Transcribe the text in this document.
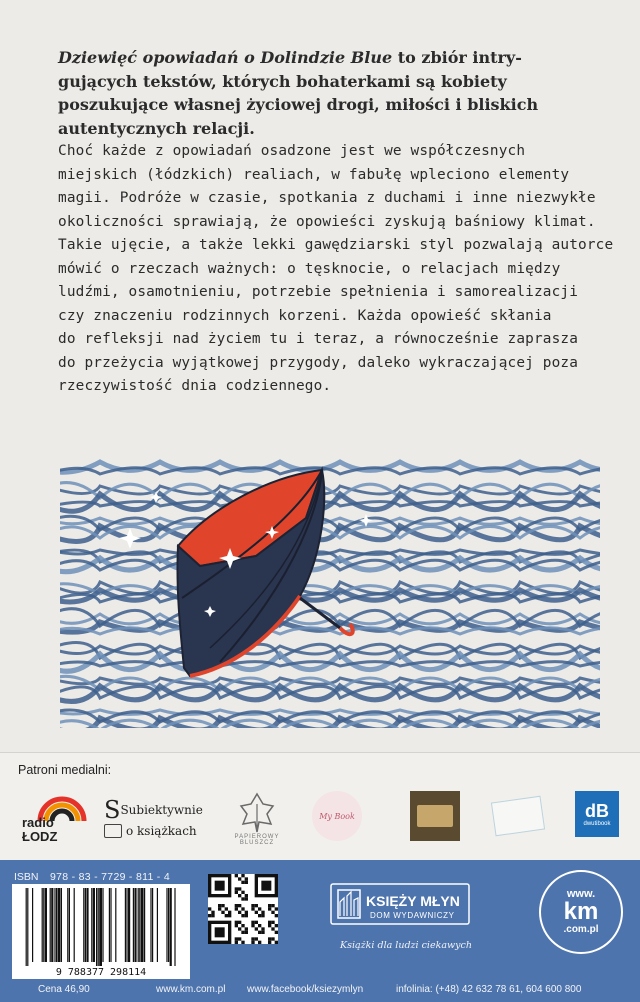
Dziewięć opowiadań o Dolindzie Blue to zbiór intry-
gujących tekstów, których bohaterkami są kobiety
poszukujące własnej życiowej drogi, miłości i bliskich
autentycznych relacji.

Choć każde z opowiadań osadzone jest we współczesnych
miejskich (łódzkich) realiach, w fabułę wpleciono elementy
magii. Podróże w czasie, spotkania z duchami i inne niezwykłe
okoliczności sprawiają, że opowieści zyskują baśniowy klimat.
Takie ujęcie, a także lekki gawędziarski styl pozwalają autorce
mówić o rzeczach ważnych: o tęsknocie, o relacjach między
ludźmi, osamotnieniu, potrzebie spełnienia i samorealizacji
czy znaczeniu rodzinnych korzeni. Każda opowieść skłania
do refleksji nad życiem tu i teraz, a równocześnie zaprasza
do przeżycia wyjątkowej przygody, daleko wykraczającej poza
rzeczywistość dnia codziennego.

Patroni medialni:
radio
ŁODZ
S Subiektywnie
o książkach	PAPIEROWY
BLUSZCZ
My Book	dB
dwutibook
ISBN 978 - 83 - 7729 - 811 - 4
9 788377 298114
KSIĘŻY MŁYN
DOM WYDAWNICZY
Książki dla ludzi ciekawych
www.
km
.com.pl
Cena 46,90	www.km.com.pl www.facebook/ksiezymlyn	infolinia: (+48) 42 632 78 61, 604 600 800
